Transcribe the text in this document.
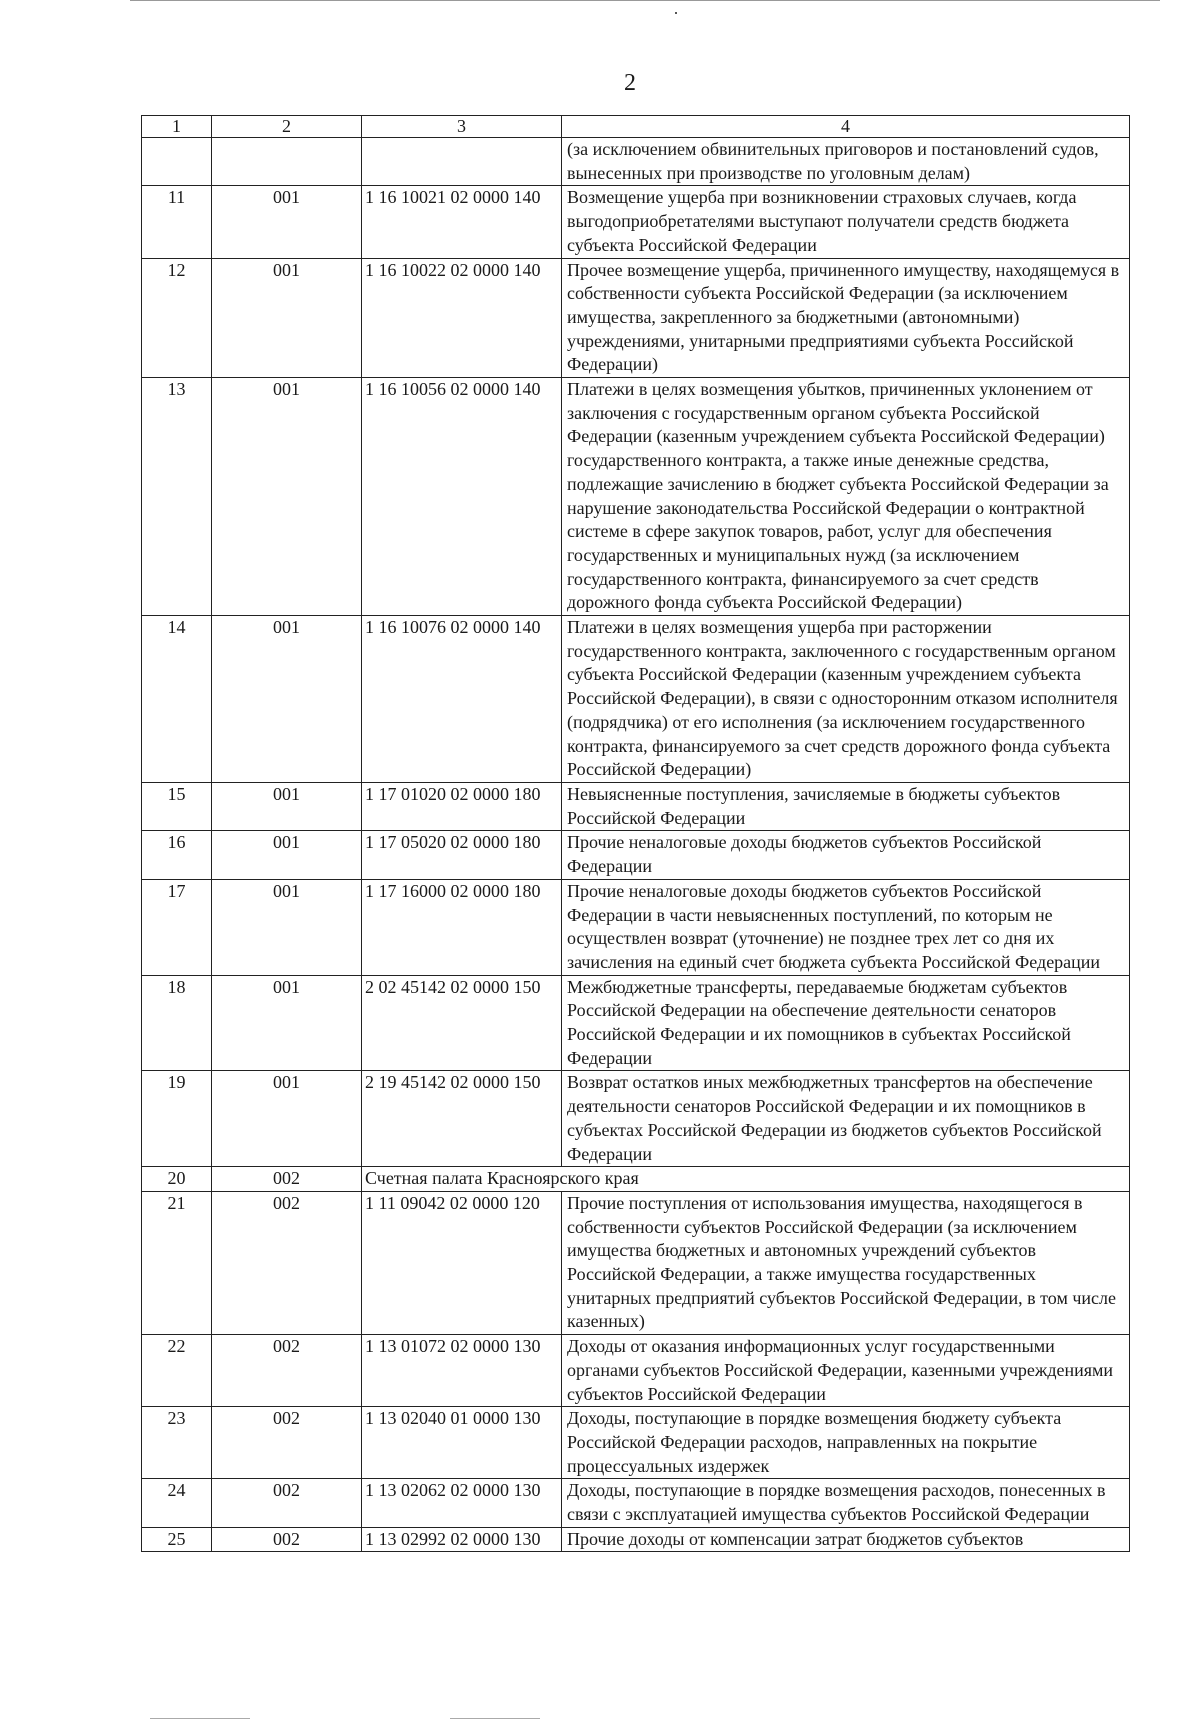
2
1	2	3	4
			(за исключением обвинительных приговоров и постановлений судов, вынесенных при производстве по уголовным делам)
11	001	1 16 10021 02 0000 140	Возмещение ущерба при возникновении страховых случаев, когда выгодоприобретателями выступают получатели средств бюджета субъекта Российской Федерации
12	001	1 16 10022 02 0000 140	Прочее возмещение ущерба, причиненного имуществу, находящемуся в собственности субъекта Российской Федерации (за исключением имущества, закрепленного за бюджетными (автономными) учреждениями, унитарными предприятиями субъекта Российской Федерации)
13	001	1 16 10056 02 0000 140	Платежи в целях возмещения убытков, причиненных уклонением от заключения с государственным органом субъекта Российской Федерации (казенным учреждением субъекта Российской Федерации) государственного контракта, а также иные денежные средства, подлежащие зачислению в бюджет субъекта Российской Федерации за нарушение законодательства Российской Федерации о контрактной системе в сфере закупок товаров, работ, услуг для обеспечения государственных и муниципальных нужд (за исключением государственного контракта, финансируемого за счет средств дорожного фонда субъекта Российской Федерации)
14	001	1 16 10076 02 0000 140	Платежи в целях возмещения ущерба при расторжении государственного контракта, заключенного с государственным органом субъекта Российской Федерации (казенным учреждением субъекта Российской Федерации), в связи с односторонним отказом исполнителя (подрядчика) от его исполнения (за исключением государственного контракта, финансируемого за счет средств дорожного фонда субъекта Российской Федерации)
15	001	1 17 01020 02 0000 180	Невыясненные поступления, зачисляемые в бюджеты субъектов Российской Федерации
16	001	1 17 05020 02 0000 180	Прочие неналоговые доходы бюджетов субъектов Российской Федерации
17	001	1 17 16000 02 0000 180	Прочие неналоговые доходы бюджетов субъектов Российской Федерации в части невыясненных поступлений, по которым не осуществлен возврат (уточнение) не позднее трех лет со дня их зачисления на единый счет бюджета субъекта Российской Федерации
18	001	2 02 45142 02 0000 150	Межбюджетные трансферты, передаваемые бюджетам субъектов Российской Федерации на обеспечение деятельности сенаторов Российской Федерации и их помощников в субъектах Российской Федерации
19	001	2 19 45142 02 0000 150	Возврат остатков иных межбюджетных трансфертов на обеспечение деятельности сенаторов Российской Федерации и их помощников в субъектах Российской Федерации из бюджетов субъектов Российской Федерации
20	002	Счетная палата Красноярского края	
21	002	1 11 09042 02 0000 120	Прочие поступления от использования имущества, находящегося в собственности субъектов Российской Федерации (за исключением имущества бюджетных и автономных учреждений субъектов Российской Федерации, а также имущества государственных унитарных предприятий субъектов Российской Федерации, в том числе казенных)
22	002	1 13 01072 02 0000 130	Доходы от оказания информационных услуг государственными органами субъектов Российской Федерации, казенными учреждениями субъектов Российской Федерации
23	002	1 13 02040 01 0000 130	Доходы, поступающие в порядке возмещения бюджету субъекта Российской Федерации расходов, направленных на покрытие процессуальных издержек
24	002	1 13 02062 02 0000 130	Доходы, поступающие в порядке возмещения расходов, понесенных в связи с эксплуатацией имущества субъектов Российской Федерации
25	002	1 13 02992 02 0000 130	Прочие доходы от компенсации затрат бюджетов субъектов
